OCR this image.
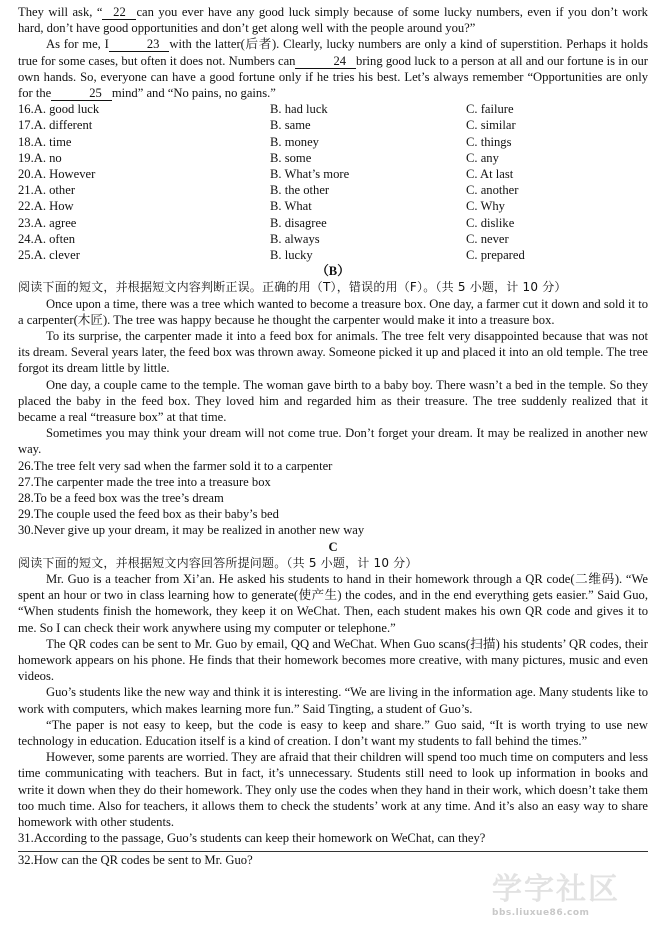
They will ask, “ 22 can you ever have any good luck simply because of some lucky numbers, even if you don’t work hard, don’t have good opportunities and don’t get along well with the people around you?”

As for me, I	23 with the latter(后者). Clearly, lucky numbers are only a kind of superstition. Perhaps it holds true for some cases, but often it does not. Numbers can	24 bring good luck to a person at all and our fortune is in our own hands. So, everyone can have a good fortune only if he tries his best. Let’s always remember “Opportunities are only for the	25 mind” and “No pains, no gains.”

16.A. good luck	B. had luck	C. failure
17.A. different	B. same	C. similar
18.A. time	B. money	C. things
19.A. no	B. some	C. any
20.A. However	B. What’s more	C. At last
21.A. other	B. the other	C. another
22.A. How	B. What	C. Why
23.A. agree	B. disagree	C. dislike
24.A. often	B. always	C. never
25.A. clever	B. lucky	C. prepared

（B）

阅读下面的短文，并根据短文内容判断正误。正确的用（T），错误的用（F）。（共 5 小题，计 10 分）

Once upon a time, there was a tree which wanted to become a treasure box. One day, a farmer cut it down and sold it to a carpenter(木匠). The tree was happy because he thought the carpenter would make it into a treasure box.

To its surprise, the carpenter made it into a feed box for animals. The tree felt very disappointed because that was not its dream. Several years later, the feed box was thrown away. Someone picked it up and placed it into an old temple. The tree forgot its dream little by little.

One day, a couple came to the temple. The woman gave birth to a baby boy. There wasn’t a bed in the temple. So they placed the baby in the feed box. They loved him and regarded him as their treasure. The tree suddenly realized that it became a real “treasure box” at that time.

Sometimes you may think your dream will not come true. Don’t forget your dream. It may be realized in another new way.

26.The tree felt very sad when the farmer sold it to a carpenter

27.The carpenter made the tree into a treasure box

28.To be a feed box was the tree’s dream

29.The couple used the feed box as their baby’s bed

30.Never give up your dream, it may be realized in another new way

C

阅读下面的短文，并根据短文内容回答所提问题。（共 5 小题，计 10 分）

Mr. Guo is a teacher from Xi’an. He asked his students to hand in their homework through a QR code(二维码). “We spent an hour or two in class learning how to generate(使产生) the codes, and in the end everything gets easier.” Said Guo, “When students finish the homework, they keep it on WeChat. Then, each student makes his own QR code and gives it to me. So I can check their work anywhere using my computer or telephone.”

The QR codes can be sent to Mr. Guo by email, QQ and WeChat. When Guo scans(扫描) his students’ QR codes, their homework appears on his phone. He finds that their homework becomes more creative, with many pictures, music and even videos.

Guo’s students like the new way and think it is interesting. “We are living in the information age. Many students like to work with computers, which makes learning more fun.” Said Tingting, a student of Guo’s.

“The paper is not easy to keep, but the code is easy to keep and share.” Guo said, “It is worth trying to use new technology in education. Education itself is a kind of creation. I don’t want my students to fall behind the times.”

However, some parents are worried. They are afraid that their children will spend too much time on computers and less time communicating with teachers. But in fact, it’s unnecessary. Students still need to look up information in books and write it down when they do their homework. They only use the codes when they hand in their work, which doesn’t take them too much time. Also for teachers, it allows them to check the students’ work at any time. And it’s also an easy way to share homework with other students.

31.According to the passage, Guo’s students can keep their homework on WeChat, can they?

32.How can the QR codes be sent to Mr. Guo?

学字社区
bbs.liuxue86.com
